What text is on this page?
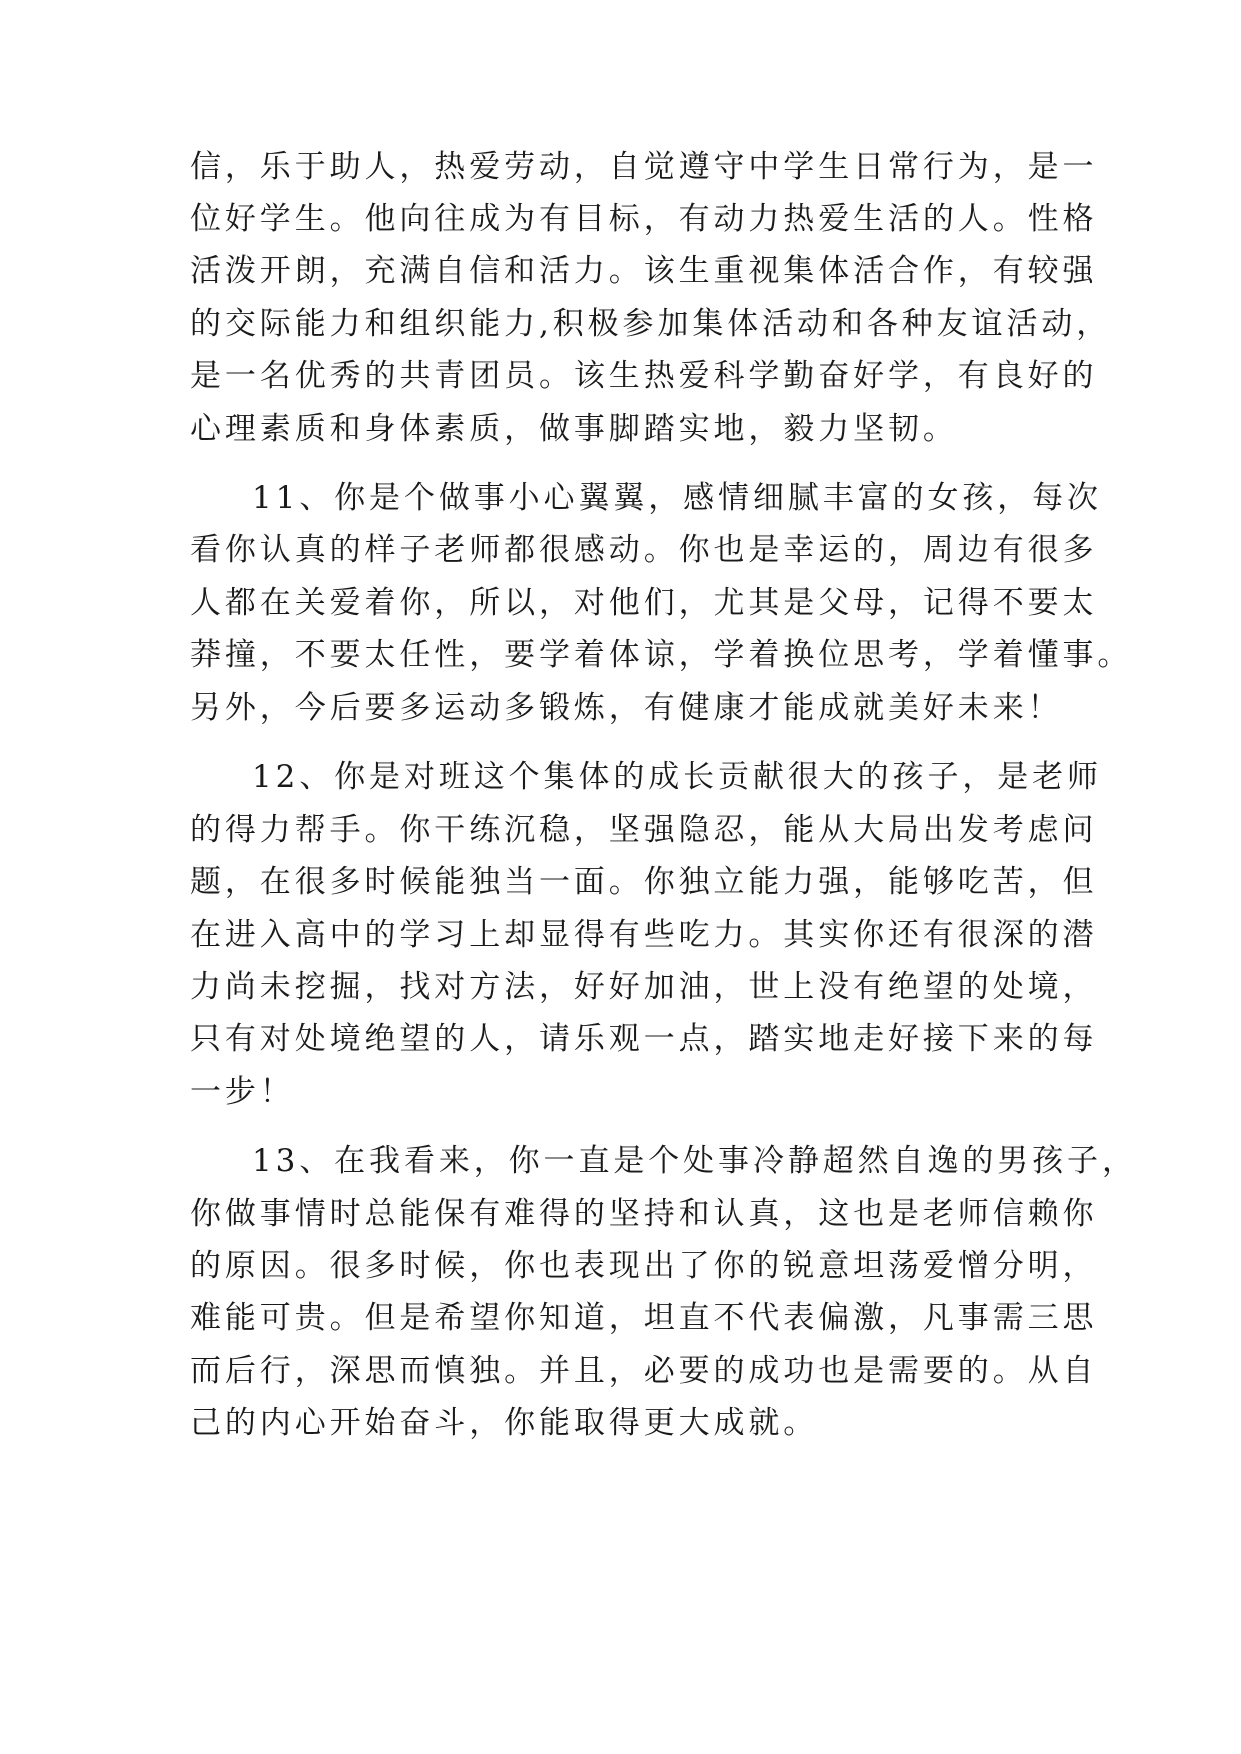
信，乐于助人，热爱劳动，自觉遵守中学生日常行为，是一
位好学生。他向往成为有目标，有动力热爱生活的人。性格
活泼开朗，充满自信和活力。该生重视集体活合作，有较强
的交际能力和组织能力,积极参加集体活动和各种友谊活动，
是一名优秀的共青团员。该生热爱科学勤奋好学，有良好的
心理素质和身体素质，做事脚踏实地，毅力坚韧。
11、你是个做事小心翼翼，感情细腻丰富的女孩，每次
看你认真的样子老师都很感动。你也是幸运的，周边有很多
人都在关爱着你，所以，对他们，尤其是父母，记得不要太
莽撞，不要太任性，要学着体谅，学着换位思考，学着懂事。
另外，今后要多运动多锻炼，有健康才能成就美好未来！
12、你是对班这个集体的成长贡献很大的孩子，是老师
的得力帮手。你干练沉稳，坚强隐忍，能从大局出发考虑问
题，在很多时候能独当一面。你独立能力强，能够吃苦，但
在进入高中的学习上却显得有些吃力。其实你还有很深的潜
力尚未挖掘，找对方法，好好加油，世上没有绝望的处境，
只有对处境绝望的人，请乐观一点，踏实地走好接下来的每
一步！
13、在我看来，你一直是个处事冷静超然自逸的男孩子，
你做事情时总能保有难得的坚持和认真，这也是老师信赖你
的原因。很多时候，你也表现出了你的锐意坦荡爱憎分明，
难能可贵。但是希望你知道，坦直不代表偏激，凡事需三思
而后行，深思而慎独。并且，必要的成功也是需要的。从自
己的内心开始奋斗，你能取得更大成就。
